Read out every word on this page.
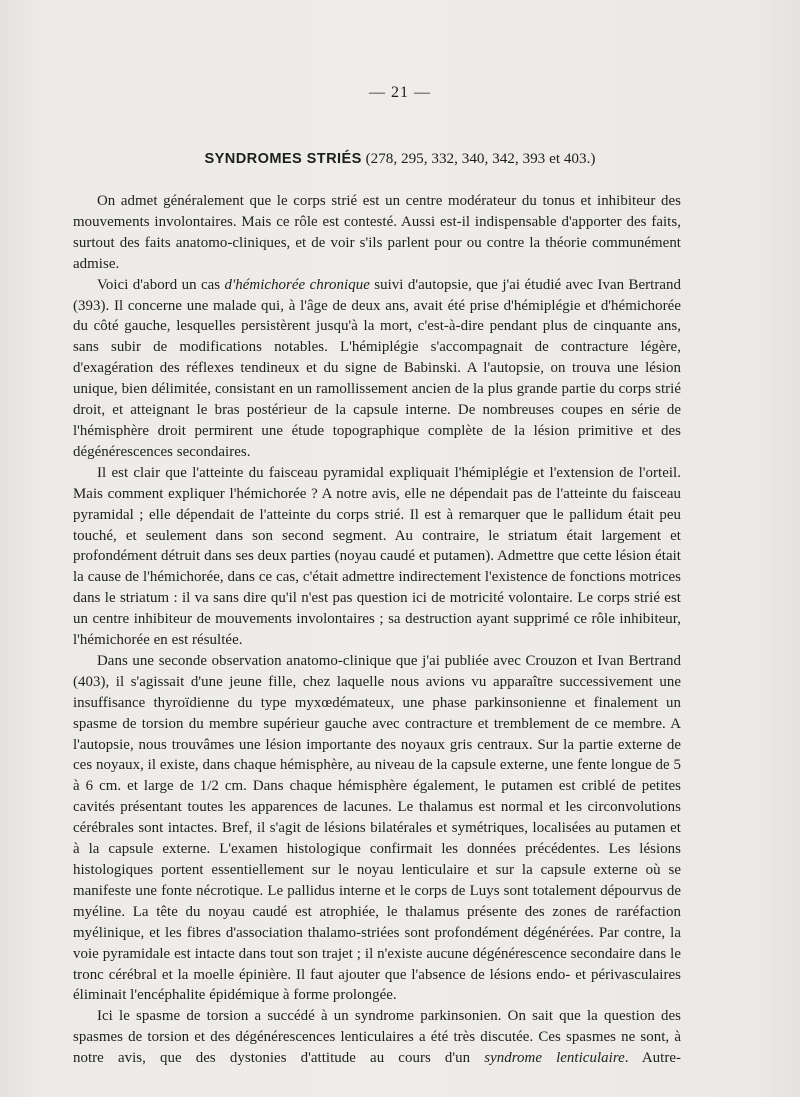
— 21 —
SYNDROMES STRIÉS (278, 295, 332, 340, 342, 393 et 403.)

On admet généralement que le corps strié est un centre modérateur du tonus et inhibiteur des mouvements involontaires. Mais ce rôle est contesté. Aussi est-il indispensable d'apporter des faits, surtout des faits anatomo-cliniques, et de voir s'ils parlent pour ou contre la théorie communément admise.

Voici d'abord un cas d'hémichorée chronique suivi d'autopsie, que j'ai étudié avec Ivan Bertrand (393). Il concerne une malade qui, à l'âge de deux ans, avait été prise d'hémiplégie et d'hémichorée du côté gauche, lesquelles persistèrent jusqu'à la mort, c'est-à-dire pendant plus de cinquante ans, sans subir de modifications notables. L'hémiplégie s'accompagnait de contracture légère, d'exagération des réflexes tendineux et du signe de Babinski. A l'autopsie, on trouva une lésion unique, bien délimitée, consistant en un ramollissement ancien de la plus grande partie du corps strié droit, et atteignant le bras postérieur de la capsule interne. De nombreuses coupes en série de l'hémisphère droit permirent une étude topographique complète de la lésion primitive et des dégénérescences secondaires.

Il est clair que l'atteinte du faisceau pyramidal expliquait l'hémiplégie et l'extension de l'orteil. Mais comment expliquer l'hémichorée ? A notre avis, elle ne dépendait pas de l'atteinte du faisceau pyramidal ; elle dépendait de l'atteinte du corps strié. Il est à remarquer que le pallidum était peu touché, et seulement dans son second segment. Au contraire, le striatum était largement et profondément détruit dans ses deux parties (noyau caudé et putamen). Admettre que cette lésion était la cause de l'hémichorée, dans ce cas, c'était admettre indirectement l'existence de fonctions motrices dans le striatum : il va sans dire qu'il n'est pas question ici de motricité volontaire. Le corps strié est un centre inhibiteur de mouvements involontaires ; sa destruction ayant supprimé ce rôle inhibiteur, l'hémichorée en est résultée.

Dans une seconde observation anatomo-clinique que j'ai publiée avec Crouzon et Ivan Bertrand (403), il s'agissait d'une jeune fille, chez laquelle nous avions vu apparaître successivement une insuffisance thyroïdienne du type myxœdémateux, une phase parkinsonienne et finalement un spasme de torsion du membre supérieur gauche avec contracture et tremblement de ce membre. A l'autopsie, nous trouvâmes une lésion importante des noyaux gris centraux. Sur la partie externe de ces noyaux, il existe, dans chaque hémisphère, au niveau de la capsule externe, une fente longue de 5 à 6 cm. et large de 1/2 cm. Dans chaque hémisphère également, le putamen est criblé de petites cavités présentant toutes les apparences de lacunes. Le thalamus est normal et les circonvolutions cérébrales sont intactes. Bref, il s'agit de lésions bilatérales et symétriques, localisées au putamen et à la capsule externe. L'examen histologique confirmait les données précédentes. Les lésions histologiques portent essentiellement sur le noyau lenticulaire et sur la capsule externe où se manifeste une fonte nécrotique. Le pallidus interne et le corps de Luys sont totalement dépourvus de myéline. La tête du noyau caudé est atrophiée, le thalamus présente des zones de raréfaction myélinique, et les fibres d'association thalamo-striées sont profondément dégénérées. Par contre, la voie pyramidale est intacte dans tout son trajet ; il n'existe aucune dégénérescence secondaire dans le tronc cérébral et la moelle épinière. Il faut ajouter que l'absence de lésions endo- et périvasculaires éliminait l'encéphalite épidémique à forme prolongée.

Ici le spasme de torsion a succédé à un syndrome parkinsonien. On sait que la question des spasmes de torsion et des dégénérescences lenticulaires a été très discutée. Ces spasmes ne sont, à notre avis, que des dystonies d'attitude au cours d'un syndrome lenticulaire. Autre-
